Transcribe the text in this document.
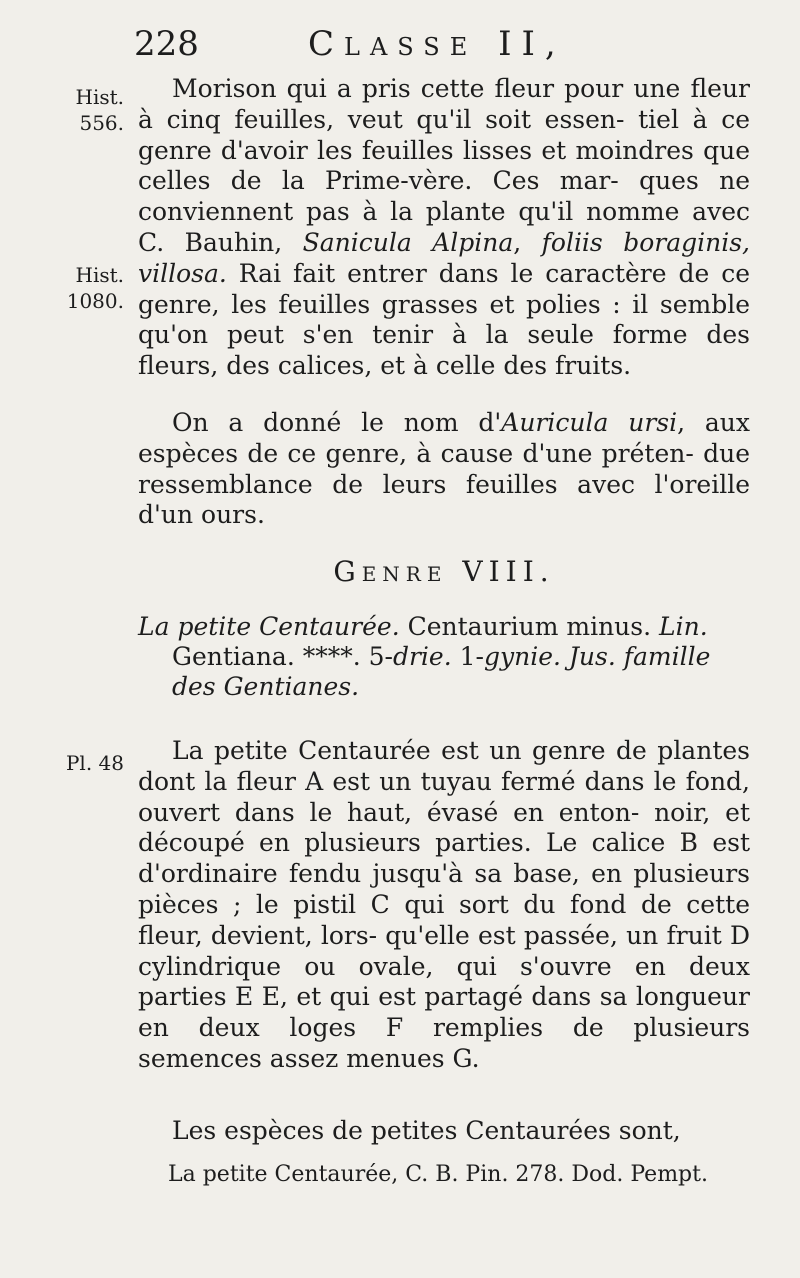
228	Classe II,
Hist.
556.
Hist.
1080.
Pl. 48

Morison qui a pris cette fleur pour une fleur à cinq feuilles, veut qu'il soit essen- tiel à ce genre d'avoir les feuilles lisses et moindres que celles de la Prime-vère. Ces mar- ques ne conviennent pas à la plante qu'il nomme avec C. Bauhin, Sanicula Alpina, foliis boraginis, villosa. Rai fait entrer dans le caractère de ce genre, les feuilles grasses et polies : il semble qu'on peut s'en tenir à la seule forme des fleurs, des calices, et à celle des fruits.

On a donné le nom d'Auricula ursi, aux espèces de ce genre, à cause d'une préten- due ressemblance de leurs feuilles avec l'oreille d'un ours.

Genre VIII.

La petite Centaurée. Centaurium minus. Lin.

Gentiana. ****. 5-drie. 1-gynie. Jus. famille des Gentianes.

La petite Centaurée est un genre de plantes dont la fleur A est un tuyau fermé dans le fond, ouvert dans le haut, évasé en enton- noir, et découpé en plusieurs parties. Le calice B est d'ordinaire fendu jusqu'à sa base, en plusieurs pièces ; le pistil C qui sort du fond de cette fleur, devient, lors- qu'elle est passée, un fruit D cylindrique ou ovale, qui s'ouvre en deux parties E E, et qui est partagé dans sa longueur en deux loges F remplies de plusieurs semences assez menues G.

Les espèces de petites Centaurées sont,

La petite Centaurée, C. B. Pin. 278. Dod. Pempt.
